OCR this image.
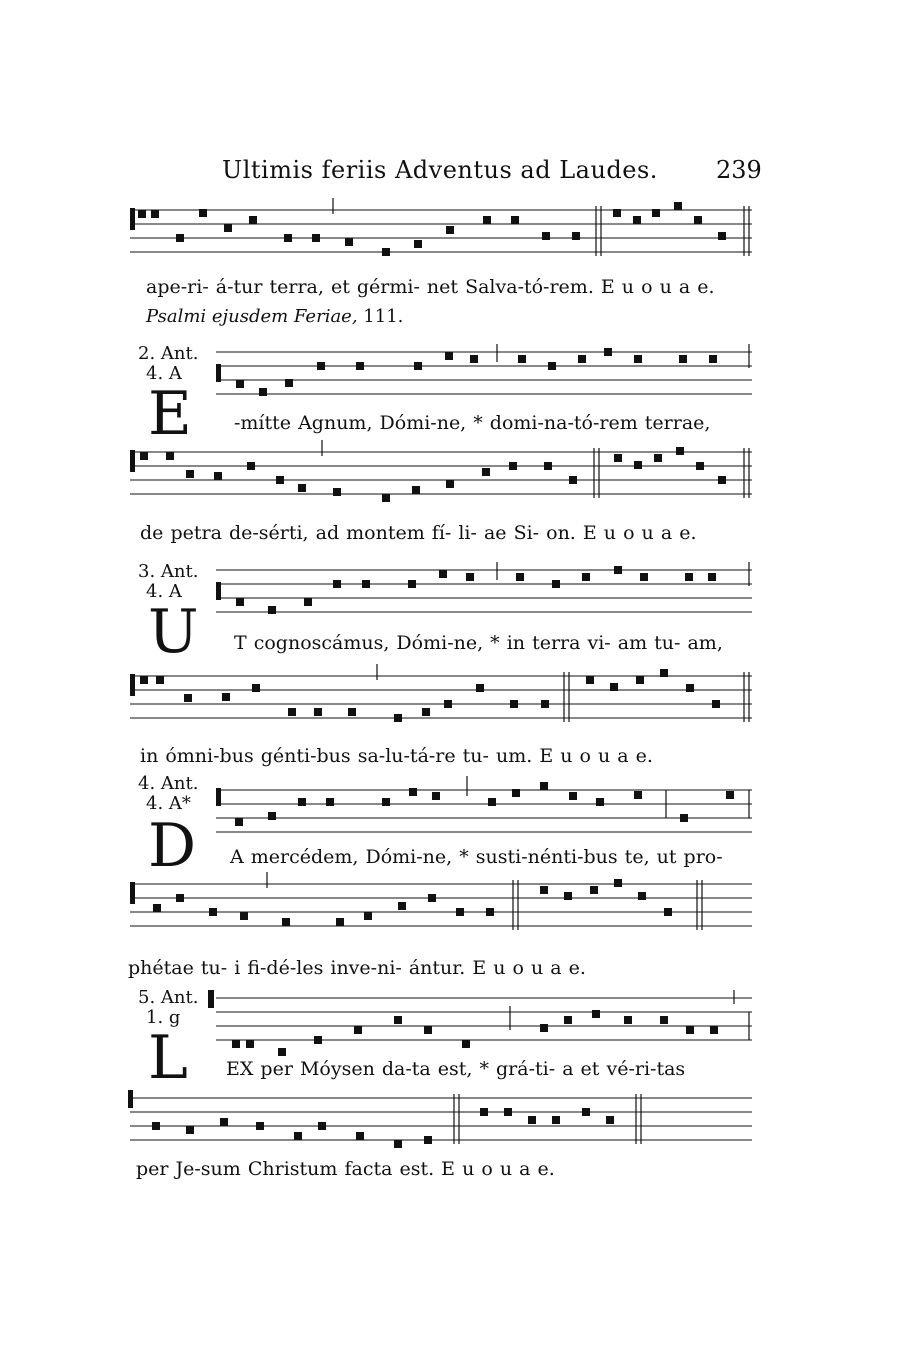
Ultimis feriis Adventus ad Laudes. 239
ape-ri- á-tur terra, et gérmi- net Salva-tó-rem. E u o u a e.
Psalmi ejusdem Feriae, 111.
2. Ant.
4. A
E -míttе Agnum, Dómi-ne, * domi-na-tó-rem terrae,
de petra de-sérti, ad montem fí- li- ae Si- on. E u o u a e.
3. Ant.
4. A
U T cognoscámus, Dómi-ne, * in terra vi- am tu- am,
in ómni-bus génti-bus sa-lu-tá-re tu- um. E u o u a e.
4. Ant.
4. A*
D A mercédem, Dómi-ne, * susti-nénti-bus te, ut pro-
phétae tu- i fi-dé-les inve-ni- ántur. E u o u a e.
5. Ant.
1. g
L EX per Móysen da-ta est, * grá-ti- a et vé-ri-tas
per Je-sum Christum facta est. E u o u a e.
